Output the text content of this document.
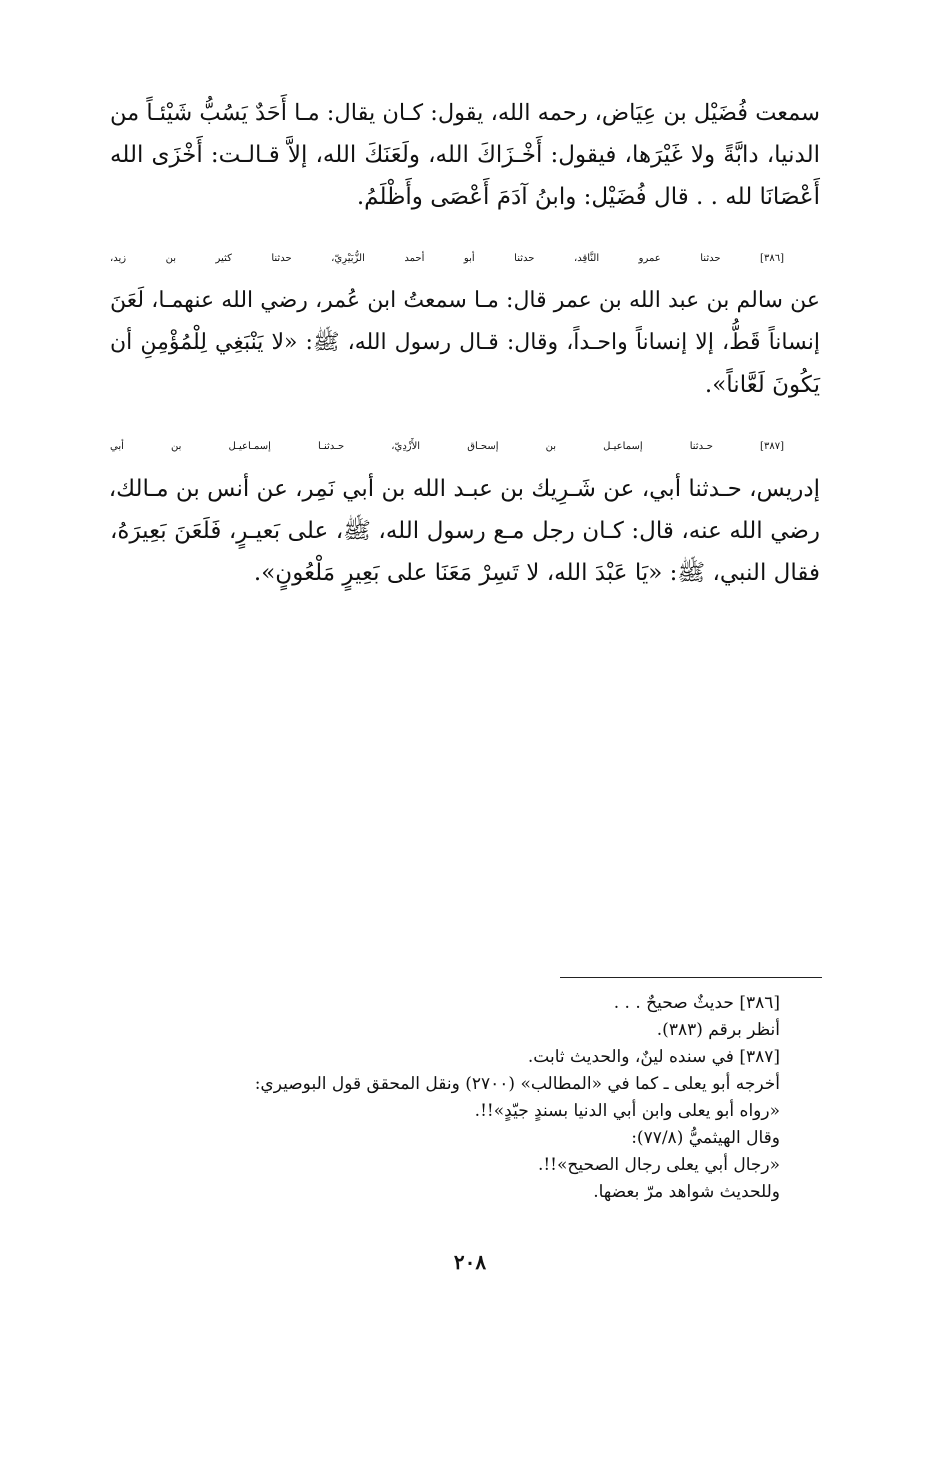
سمعت فُضَيْل بن عِيَاض، رحمه الله، يقول: كـان يقال: مـا أَحَدٌ يَسُبُّ شَيْئـاً من
الدنيا، دابَّةً ولا غَيْرَها، فيقول: أَخْـزَاكَ الله، ولَعَنَكَ الله، إلاَّ قـالـت: أَخْزَى الله
أَعْصَانَا لله . . قال فُضَيْل: وابنُ آدَمَ أَعْصَى وأَظْلَمُ.

[٣٨٦] حدثنا عمرو النَّاقِد، حدثنا أبو أحمد الزُّبَيْرِيّ، حدثنا كثير بن زيد،
عن سالم بن عبد الله بن عمر قال: مـا سمعتُ ابن عُمر، رضي الله عنهمـا، لَعَنَ
إنساناً قَطُّ، إلا إنساناً واحـداً، وقال: قـال رسول الله، ﷺ: «لا يَنْبَغِي لِلْمُؤْمِنِ أن
يَكُونَ لَعَّاناً».

[٣٨٧] حـدثنا إسماعيـل بن إسحـاق الأَزْدِيّ، حـدثنـا إسمـاعيـل بن أبي
إدريس، حـدثنا أبي، عن شَـرِيك بن عبـد الله بن أبي نَمِر، عن أنس بن مـالك،
رضي الله عنه، قال: كـان رجل مـع رسول الله، ﷺ، على بَعيـرٍ، فَلَعَنَ بَعِيرَهُ،
فقال النبي، ﷺ: «يَا عَبْدَ الله، لا تَسِرْ مَعَنَا على بَعِيرٍ مَلْعُونٍ».

[٣٨٦] حديثٌ صحيحٌ . . .
أنظر برقم (٣٨٣).
[٣٨٧] في سنده لينٌ، والحديث ثابت.
أخرجه أبو يعلى ـ كما في «المطالب» (٢٧٠٠) ونقل المحقق قول البوصيري:
«رواه أبو يعلى وابن أبي الدنيا بسندٍ جيّدٍ»!!.
وقال الهيثميُّ (٧٧/٨):
«رجال أبي يعلى رجال الصحيح»!!.
وللحديث شواهد مرّ بعضها.
٢٠٨
